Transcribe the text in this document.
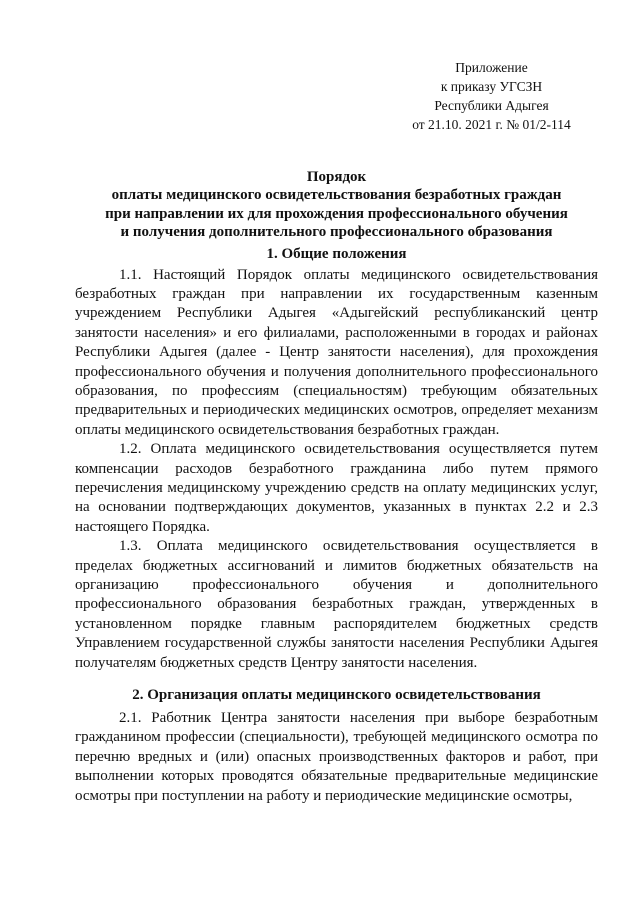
Приложение
к приказу УГСЗН
Республики Адыгея
от 21.10. 2021 г. № 01/2-114
Порядок
оплаты медицинского освидетельствования безработных граждан
при направлении их для прохождения профессионального обучения
и получения дополнительного профессионального образования
1. Общие положения

1.1. Настоящий Порядок оплаты медицинского освидетельствования безработных граждан при направлении их государственным казенным учреждением Республики Адыгея «Адыгейский республиканский центр занятости населения» и его филиалами, расположенными в городах и районах Республики Адыгея (далее - Центр занятости населения), для прохождения профессионального обучения и получения дополнительного профессионального образования, по профессиям (специальностям) требующим обязательных предварительных и периодических медицинских осмотров, определяет механизм оплаты медицинского освидетельствования безработных граждан.

1.2. Оплата медицинского освидетельствования осуществляется путем компенсации расходов безработного гражданина либо путем прямого перечисления медицинскому учреждению средств на оплату медицинских услуг, на основании подтверждающих документов, указанных в пунктах 2.2 и 2.3 настоящего Порядка.

1.3. Оплата медицинского освидетельствования осуществляется в пределах бюджетных ассигнований и лимитов бюджетных обязательств на организацию профессионального обучения и дополнительного профессионального образования безработных граждан, утвержденных в установленном порядке главным распорядителем бюджетных средств Управлением государственной службы занятости населения Республики Адыгея получателям бюджетных средств Центру занятости населения.

2. Организация оплаты медицинского освидетельствования

2.1. Работник Центра занятости населения при выборе безработным гражданином профессии (специальности), требующей медицинского осмотра по перечню вредных и (или) опасных производственных факторов и работ, при выполнении которых проводятся обязательные предварительные медицинские осмотры при поступлении на работу и периодические медицинские осмотры,
